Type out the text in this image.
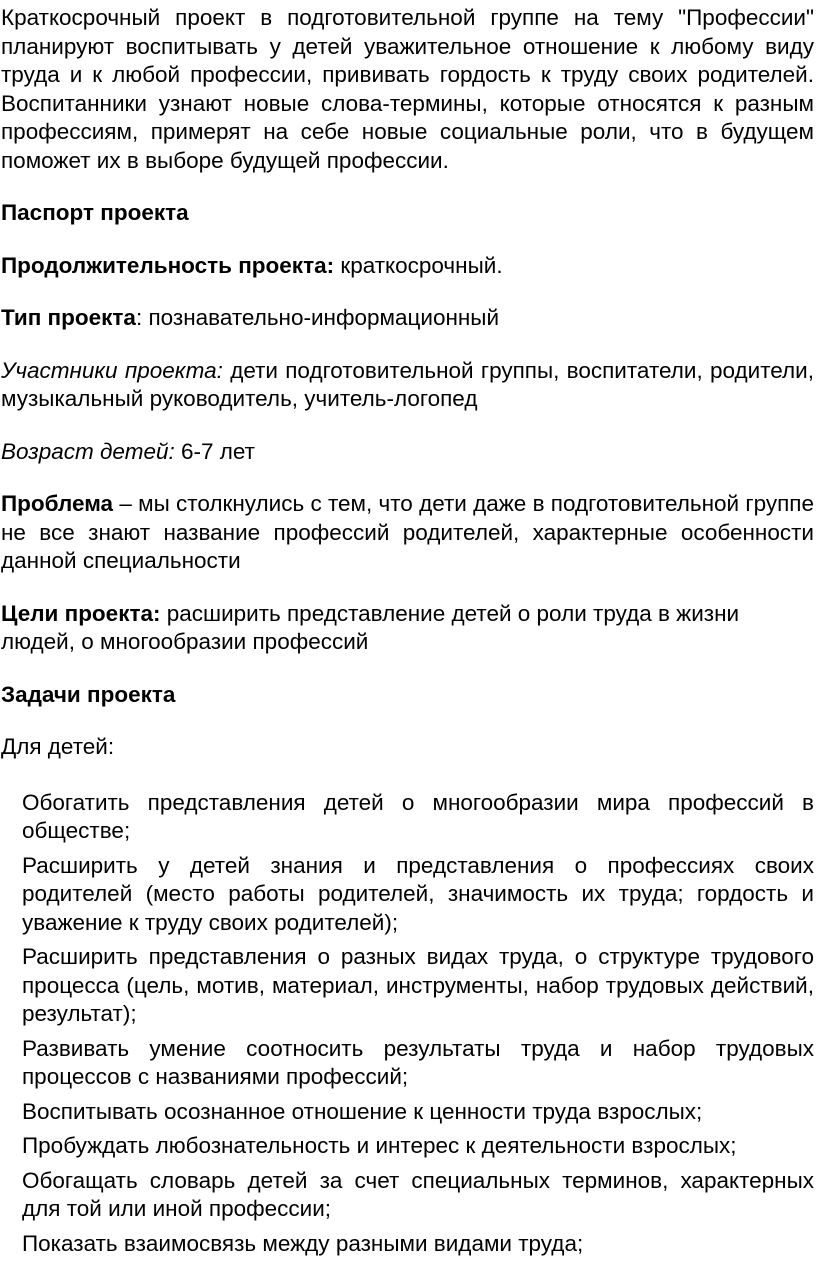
Краткосрочный проект в подготовительной группе на тему "Профессии" планируют воспитывать у детей уважительное отношение к любому виду труда и к любой профессии, прививать гордость к труду своих родителей. Воспитанники узнают новые слова-термины, которые относятся к разным профессиям, примерят на себе новые социальные роли, что в будущем поможет их в выборе будущей профессии.

Паспорт проекта

Продолжительность проекта: краткосрочный.

Тип проекта: познавательно-информационный

Участники проекта: дети подготовительной группы, воспитатели, родители, музыкальный руководитель, учитель-логопед

Возраст детей: 6-7 лет

Проблема – мы столкнулись с тем, что дети даже в подготовительной группе не все знают название профессий родителей, характерные особенности данной специальности

Цели проекта: расширить представление детей о роли труда в жизни людей, о многообразии профессий

Задачи проекта

Для детей:

Обогатить представления детей о многообразии мира профессий в обществе;
Расширить у детей знания и представления о профессиях своих родителей (место работы родителей, значимость их труда; гордость и уважение к труду своих родителей);
Расширить представления о разных видах труда, о структуре трудового процесса (цель, мотив, материал, инструменты, набор трудовых действий, результат);
Развивать умение соотносить результаты труда и набор трудовых процессов с названиями профессий;
Воспитывать осознанное отношение к ценности труда взрослых;
Пробуждать любознательность и интерес к деятельности взрослых;
Обогащать словарь детей за счет специальных терминов, характерных для той или иной профессии;
Показать взаимосвязь между разными видами труда;
